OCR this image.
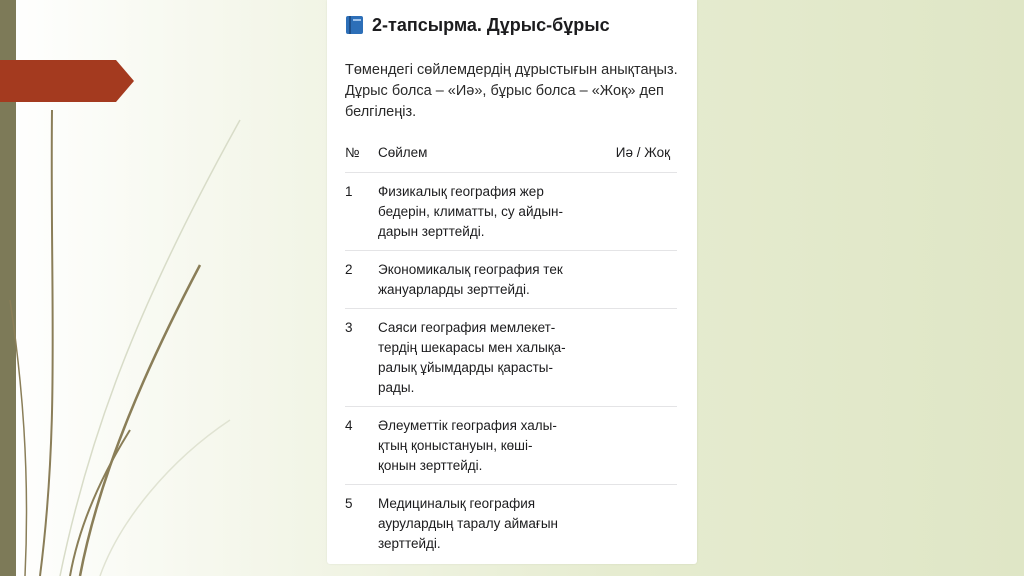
2-тапсырма. Дұрыс-бұрыс
Төмендегі сөйлемдердің дұрыстығын анықтаңыз. Дұрыс болса – «Иә», бұрыс болса – «Жоқ» деп белгілеңіз.
№ Сөйлем	Иә / Жоқ
1 Физикалық география жер
бедерін, климатты, су айдын-
дарын зерттейді.
2 Экономикалық география тек
жануарларды зерттейді.
3 Саяси география мемлекет-
тердің шекарасы мен халықа-
ралық ұйымдарды қарасты-
рады.
4 Әлеуметтік география халы-
қтың қоныстануын, көші-
қонын зерттейді.
5 Медициналық география
аурулардың таралу аймағын
зерттейді.
